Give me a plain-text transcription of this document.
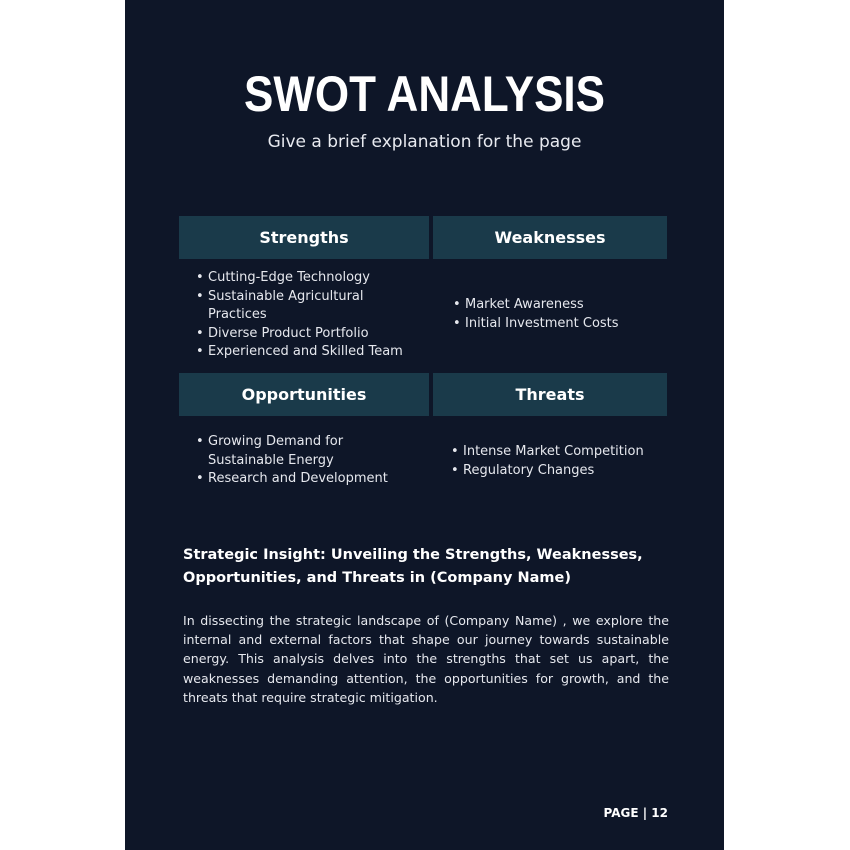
SWOT ANALYSIS
Give a brief explanation for the page
Strengths	Weaknesses
Opportunities	Threats
• Cutting-Edge Technology
• Sustainable Agricultural Practices
• Diverse Product Portfolio
• Experienced and Skilled Team
• Market Awareness
• Initial Investment Costs
• Growing Demand for Sustainable Energy
• Research and Development
• Intense Market Competition
• Regulatory Changes
Strategic Insight: Unveiling the Strengths, Weaknesses, Opportunities, and Threats in (Company Name)
In dissecting the strategic landscape of (Company Name) , we explore the internal and external factors that shape our journey towards sustainable energy. This analysis delves into the strengths that set us apart, the weaknesses demanding attention, the opportunities for growth, and the threats that require strategic mitigation.
PAGE | 12
